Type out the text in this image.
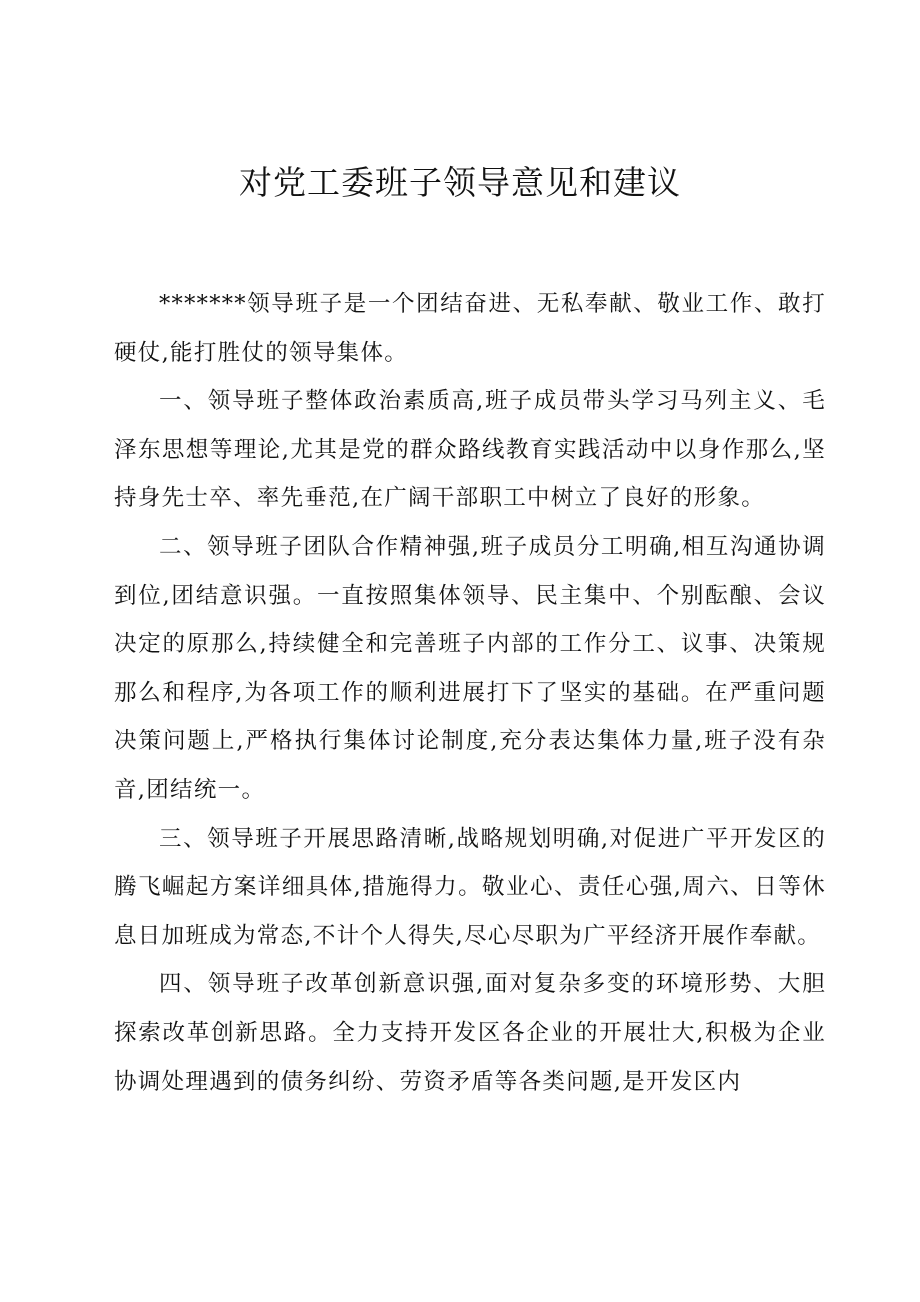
对党工委班子领导意见和建议

*******领导班子是一个团结奋进、无私奉献、敬业工作、敢打硬仗,能打胜仗的领导集体。

一、领导班子整体政治素质高,班子成员带头学习马列主义、毛泽东思想等理论,尤其是党的群众路线教育实践活动中以身作那么,坚持身先士卒、率先垂范,在广阔干部职工中树立了良好的形象。

二、领导班子团队合作精神强,班子成员分工明确,相互沟通协调到位,团结意识强。一直按照集体领导、民主集中、个别酝酿、会议决定的原那么,持续健全和完善班子内部的工作分工、议事、决策规那么和程序,为各项工作的顺利进展打下了坚实的基础。在严重问题决策问题上,严格执行集体讨论制度,充分表达集体力量,班子没有杂音,团结统一。

三、领导班子开展思路清晰,战略规划明确,对促进广平开发区的腾飞崛起方案详细具体,措施得力。敬业心、责任心强,周六、日等休息日加班成为常态,不计个人得失,尽心尽职为广平经济开展作奉献。

四、领导班子改革创新意识强,面对复杂多变的环境形势、大胆探索改革创新思路。全力支持开发区各企业的开展壮大,积极为企业协调处理遇到的债务纠纷、劳资矛盾等各类问题,是开发区内
